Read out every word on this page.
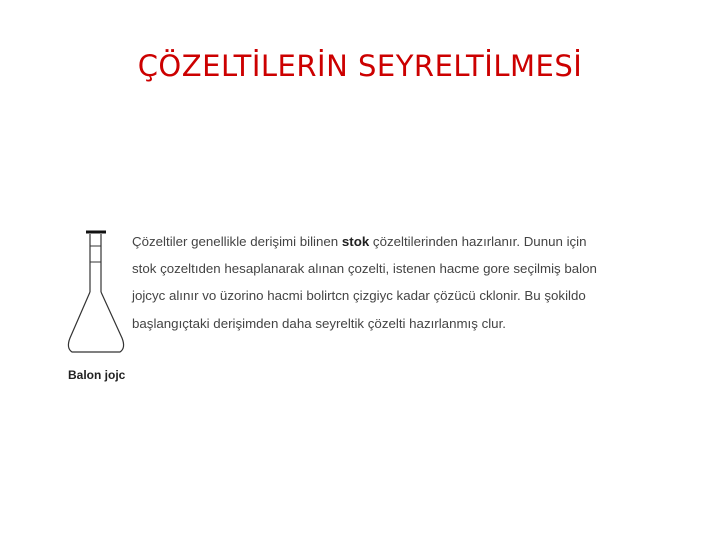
ÇÖZELTİLERİN SEYRELTİLMESİ
Balon jojc

Çözeltiler genellikle derişimi bilinen stok çözeltilerinden hazırlanır. Dunun için
stok çozeltıden hesaplanarak alınan çozelti, istenen hacme gore seçilmiş balon
jojcyc alınır vo üzorino hacmi bolirtcn çizgiyc kadar çözücü cklonir. Bu şokildo
başlangıçtaki derişimden daha seyreltik çözelti hazırlanmış clur.
